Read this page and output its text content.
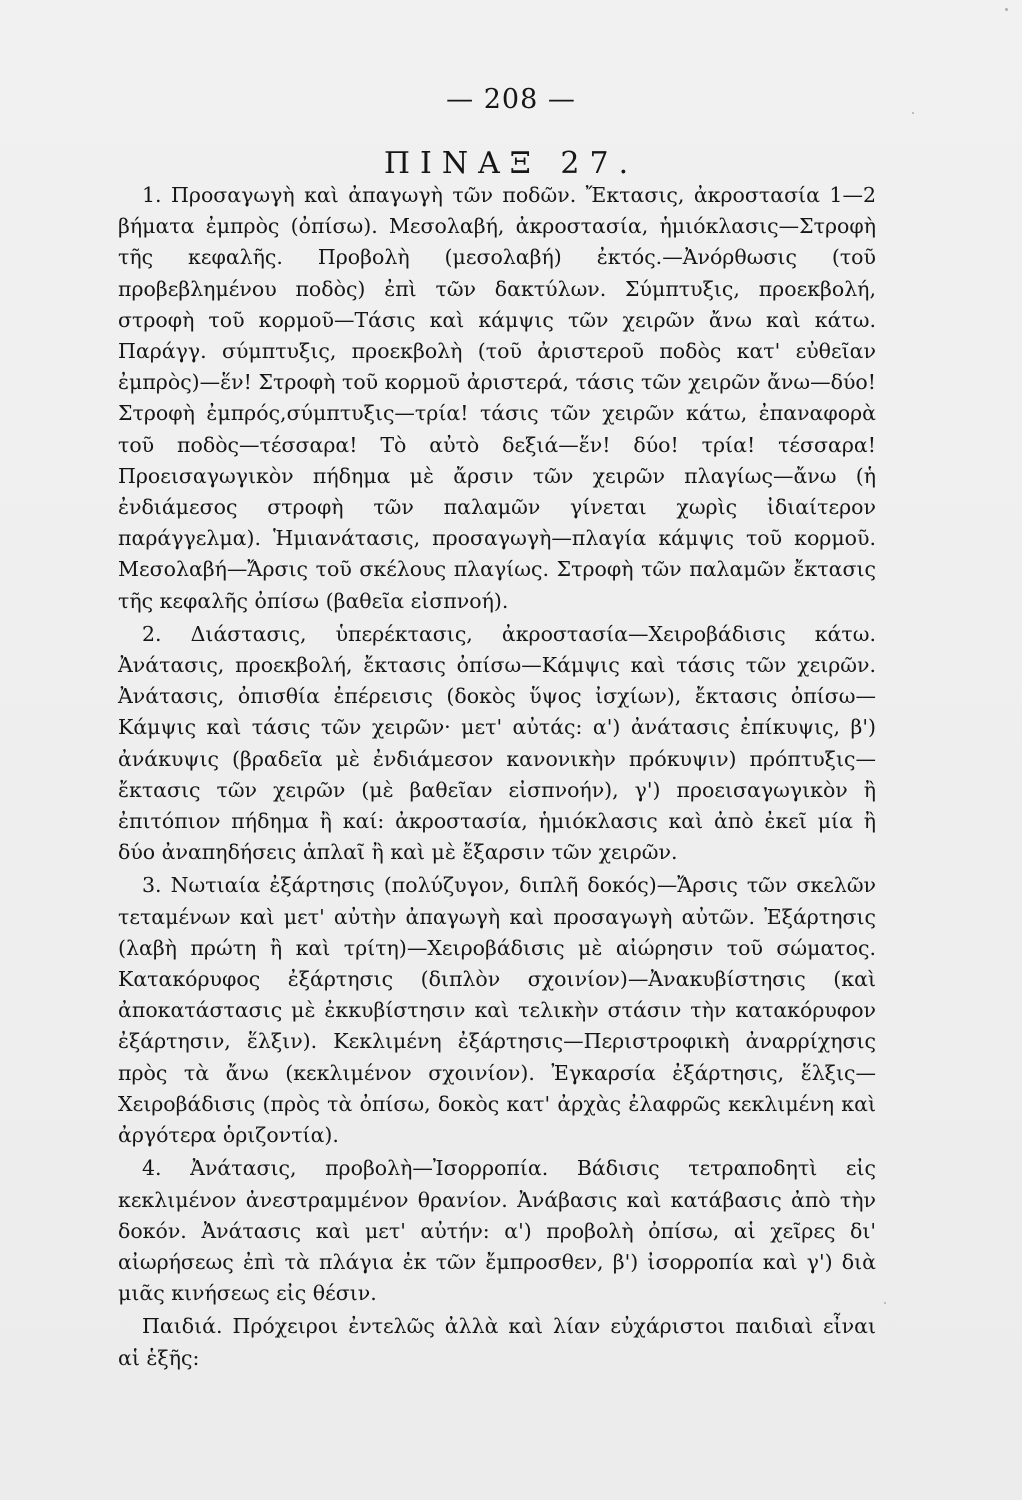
— 208 —
ΠΙΝΑΞ 27.

1. Προσαγωγὴ καὶ ἀπαγωγὴ τῶν ποδῶν. Ἔκτασις, ἀκροστασία 1—2 βήματα ἐμπρὸς (ὀπίσω). Μεσολαβή, ἀκροστασία, ἡμιόκλασις—Στροφὴ τῆς κεφαλῆς. Προβολὴ (μεσολαβή) ἐκτός.—Ἀνόρθωσις (τοῦ προβεβλημένου ποδὸς) ἐπὶ τῶν δακτύλων. Σύμπτυξις, προεκβολή, στροφὴ τοῦ κορμοῦ—Τάσις καὶ κάμψις τῶν χειρῶν ἄνω καὶ κάτω. Παράγγ. σύμπτυξις, προεκβολὴ (τοῦ ἀριστεροῦ ποδὸς κατ' εὐθεῖαν ἐμπρὸς)—ἕν! Στροφὴ τοῦ κορμοῦ ἀριστερά, τάσις τῶν χειρῶν ἄνω—δύο! Στροφὴ ἐμπρός,σύμπτυξις—τρία! τάσις τῶν χειρῶν κάτω, ἐπαναφορὰ τοῦ ποδὸς—τέσσαρα! Τὸ αὐτὸ δεξιά—ἕν! δύο! τρία! τέσσαρα! Προεισαγωγικὸν πήδημα μὲ ἄρσιν τῶν χειρῶν πλαγίως—ἄνω (ἡ ἐνδιάμεσος στροφὴ τῶν παλαμῶν γίνεται χωρὶς ἰδιαίτερον παράγγελμα). Ἡμιανάτασις, προσαγωγὴ—πλαγία κάμψις τοῦ κορμοῦ. Μεσολαβή—Ἄρσις τοῦ σκέλους πλαγίως. Στροφὴ τῶν παλαμῶν ἔκτασις τῆς κεφαλῆς ὀπίσω (βαθεῖα εἰσπνοή).

2. Διάστασις, ὑπερέκτασις, ἀκροστασία—Χειροβάδισις κάτω. Ἀνάτασις, προεκβολή, ἔκτασις ὀπίσω—Κάμψις καὶ τάσις τῶν χειρῶν. Ἀνάτασις, ὀπισθία ἐπέρεισις (δοκὸς ὕψος ἰσχίων), ἔκτασις ὀπίσω—Κάμψις καὶ τάσις τῶν χειρῶν· μετ' αὐτάς: α') ἀνάτασις ἐπίκυψις, β') ἀνάκυψις (βραδεῖα μὲ ἐνδιάμεσον κανονικὴν πρόκυψιν) πρόπτυξις—ἔκτασις τῶν χειρῶν (μὲ βαθεῖαν εἰσπνοήν), γ') προεισαγωγικὸν ἢ ἐπιτόπιον πήδημα ἢ καί: ἀκροστασία, ἡμιόκλασις καὶ ἀπὸ ἐκεῖ μία ἢ δύο ἀναπηδήσεις ἁπλαῖ ἢ καὶ μὲ ἔξαρσιν τῶν χειρῶν.

3. Νωτιαία ἐξάρτησις (πολύζυγον, διπλῆ δοκός)—Ἄρσις τῶν σκελῶν τεταμένων καὶ μετ' αὐτὴν ἀπαγωγὴ καὶ προσαγωγὴ αὐτῶν. Ἐξάρτησις (λαβὴ πρώτη ἢ καὶ τρίτη)—Χειροβάδισις μὲ αἰώρησιν τοῦ σώματος. Κατακόρυφος ἐξάρτησις (διπλὸν σχοινίον)—Ἀνακυβίστησις (καὶ ἀποκατάστασις μὲ ἐκκυβίστησιν καὶ τελικὴν στάσιν τὴν κατακόρυφον ἐξάρτησιν, ἕλξιν). Κεκλιμένη ἐξάρτησις—Περιστροφικὴ ἀναρρίχησις πρὸς τὰ ἄνω (κεκλιμένον σχοινίον). Ἐγκαρσία ἐξάρτησις, ἕλξις—Χειροβάδισις (πρὸς τὰ ὀπίσω, δοκὸς κατ' ἀρχὰς ἐλαφρῶς κεκλιμένη καὶ ἀργότερα ὁριζοντία).

4. Ἀνάτασις, προβολὴ—Ἰσορροπία. Βάδισις τετραποδητὶ εἰς κεκλιμένον ἀνεστραμμένον θρανίον. Ἀνάβασις καὶ κατάβασις ἀπὸ τὴν δοκόν. Ἀνάτασις καὶ μετ' αὐτήν: α') προβολὴ ὀπίσω, αἱ χεῖρες δι' αἰωρήσεως ἐπὶ τὰ πλάγια ἐκ τῶν ἔμπροσθεν, β') ἰσορροπία καὶ γ') διὰ μιᾶς κινήσεως εἰς θέσιν.

Παιδιά. Πρόχειροι ἐντελῶς ἀλλὰ καὶ λίαν εὐχάριστοι παιδιαὶ εἶναι αἱ ἑξῆς:
